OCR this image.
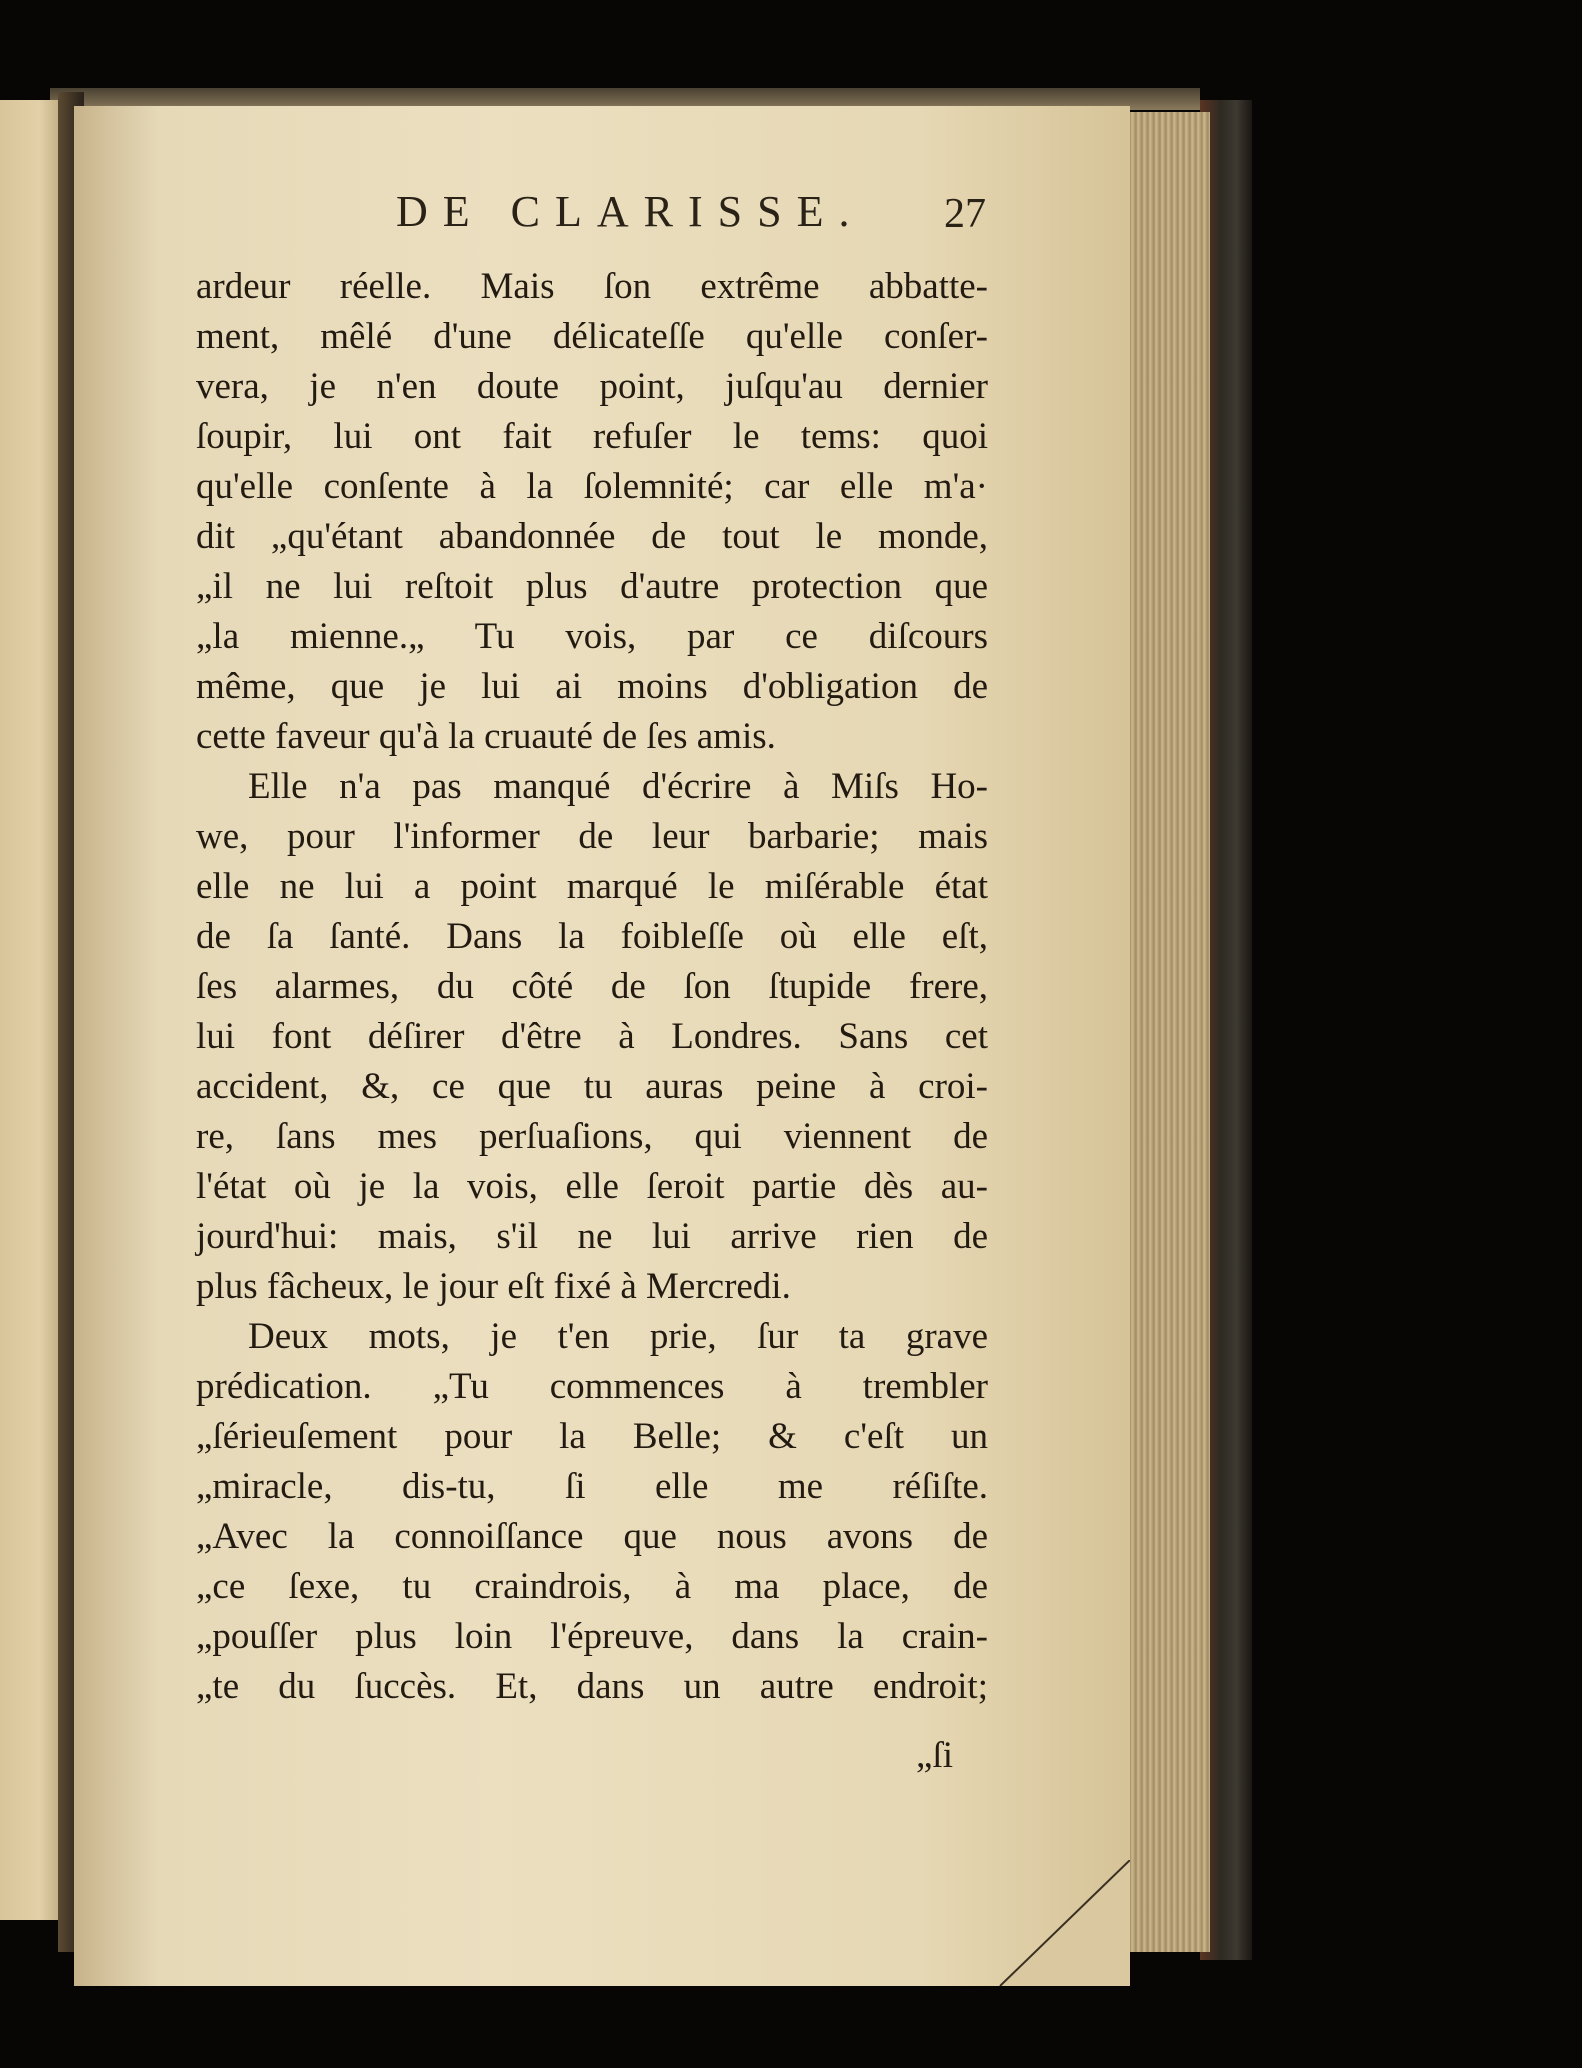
DE CLARISSE. 27
ardeur réelle. Mais ſon extrême abbatte-
ment, mêlé d'une délicateſſe qu'elle conſer-
vera, je n'en doute point, juſqu'au dernier
ſoupir, lui ont fait refuſer le tems: quoi
qu'elle conſente à la ſolemnité; car elle m'a·
dit „qu'étant abandonnée de tout le monde,
„il ne lui reſtoit plus d'autre protection que
„la mienne.„ Tu vois, par ce diſcours
même, que je lui ai moins d'obligation de
cette faveur qu'à la cruauté de ſes amis.
Elle n'a pas manqué d'écrire à Miſs Ho-
we, pour l'informer de leur barbarie; mais
elle ne lui a point marqué le miſérable état
de ſa ſanté. Dans la foibleſſe où elle eſt,
ſes alarmes, du côté de ſon ſtupide frere,
lui font déſirer d'être à Londres. Sans cet
accident, &, ce que tu auras peine à croi-
re, ſans mes perſuaſions, qui viennent de
l'état où je la vois, elle ſeroit partie dès au-
jourd'hui: mais, s'il ne lui arrive rien de
plus fâcheux, le jour eſt fixé à Mercredi.
Deux mots, je t'en prie, ſur ta grave
prédication. „Tu commences à trembler
„ſérieuſement pour la Belle; & c'eſt un
„miracle, dis-tu, ſi elle me réſiſte.
„Avec la connoiſſance que nous avons de
„ce ſexe, tu craindrois, à ma place, de
„pouſſer plus loin l'épreuve, dans la crain-
„te du ſuccès. Et, dans un autre endroit;
„ſi
